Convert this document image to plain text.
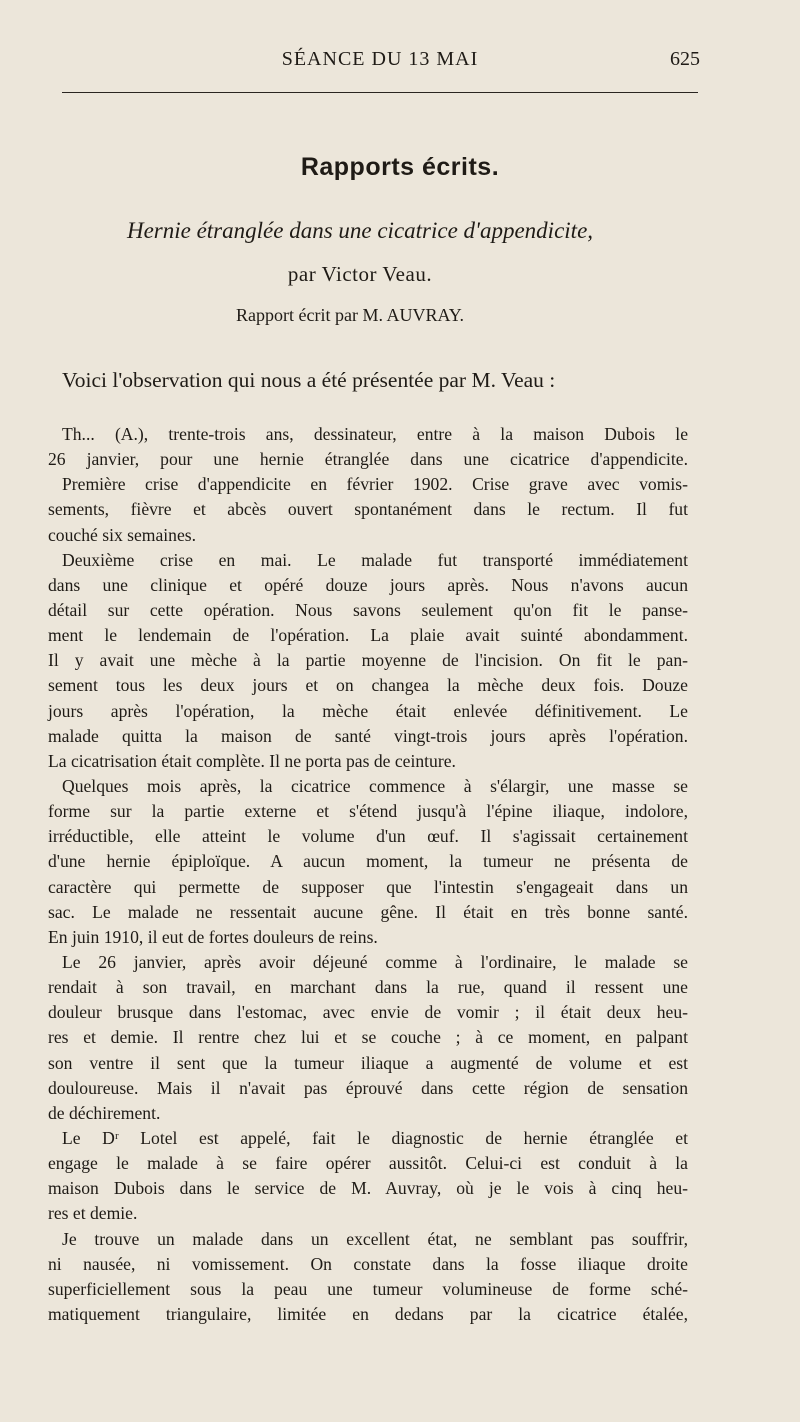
SÉANCE DU 13 MAI	625
Rapports écrits.
Hernie étranglée dans une cicatrice d'appendicite,
par Victor Veau.
Rapport écrit par M. AUVRAY.
Voici l'observation qui nous a été présentée par M. Veau :
Th... (A.), trente-trois ans, dessinateur, entre à la maison Dubois le
26 janvier, pour une hernie étranglée dans une cicatrice d'appendicite.
Première crise d'appendicite en février 1902. Crise grave avec vomis-
sements, fièvre et abcès ouvert spontanément dans le rectum. Il fut
couché six semaines.
Deuxième crise en mai. Le malade fut transporté immédiatement
dans une clinique et opéré douze jours après. Nous n'avons aucun
détail sur cette opération. Nous savons seulement qu'on fit le panse-
ment le lendemain de l'opération. La plaie avait suinté abondamment.
Il y avait une mèche à la partie moyenne de l'incision. On fit le pan-
sement tous les deux jours et on changea la mèche deux fois. Douze
jours après l'opération, la mèche était enlevée définitivement. Le
malade quitta la maison de santé vingt-trois jours après l'opération.
La cicatrisation était complète. Il ne porta pas de ceinture.
Quelques mois après, la cicatrice commence à s'élargir, une masse se
forme sur la partie externe et s'étend jusqu'à l'épine iliaque, indolore,
irréductible, elle atteint le volume d'un œuf. Il s'agissait certainement
d'une hernie épiploïque. A aucun moment, la tumeur ne présenta de
caractère qui permette de supposer que l'intestin s'engageait dans un
sac. Le malade ne ressentait aucune gêne. Il était en très bonne santé.
En juin 1910, il eut de fortes douleurs de reins.
Le 26 janvier, après avoir déjeuné comme à l'ordinaire, le malade se
rendait à son travail, en marchant dans la rue, quand il ressent une
douleur brusque dans l'estomac, avec envie de vomir ; il était deux heu-
res et demie. Il rentre chez lui et se couche ; à ce moment, en palpant
son ventre il sent que la tumeur iliaque a augmenté de volume et est
douloureuse. Mais il n'avait pas éprouvé dans cette région de sensation
de déchirement.
Le Dʳ Lotel est appelé, fait le diagnostic de hernie étranglée et
engage le malade à se faire opérer aussitôt. Celui-ci est conduit à la
maison Dubois dans le service de M. Auvray, où je le vois à cinq heu-
res et demie.
Je trouve un malade dans un excellent état, ne semblant pas souffrir,
ni nausée, ni vomissement. On constate dans la fosse iliaque droite
superficiellement sous la peau une tumeur volumineuse de forme sché-
matiquement triangulaire, limitée en dedans par la cicatrice étalée,
